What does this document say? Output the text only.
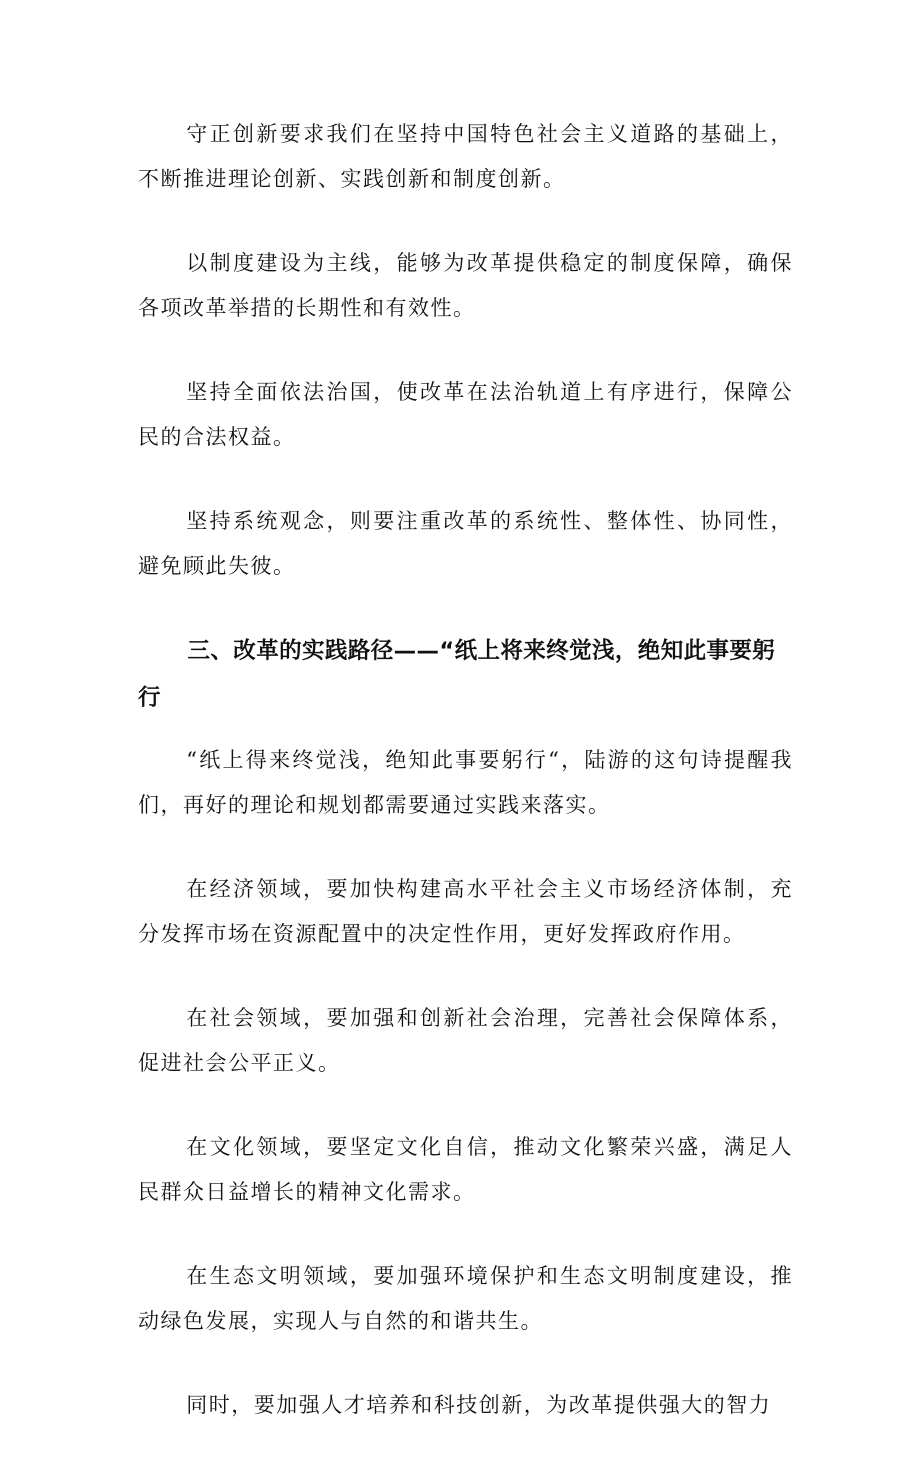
守正创新要求我们在坚持中国特色社会主义道路的基础上，不断推进理论创新、实践创新和制度创新。

以制度建设为主线，能够为改革提供稳定的制度保障，确保各项改革举措的长期性和有效性。

坚持全面依法治国，使改革在法治轨道上有序进行，保障公民的合法权益。

坚持系统观念，则要注重改革的系统性、整体性、协同性，避免顾此失彼。

三、改革的实践路径——“纸上将来终觉浅，绝知此事要躬行

“纸上得来终觉浅，绝知此事要躬行“，陆游的这句诗提醒我们，再好的理论和规划都需要通过实践来落实。

在经济领域，要加快构建高水平社会主义市场经济体制，充分发挥市场在资源配置中的决定性作用，更好发挥政府作用。

在社会领域，要加强和创新社会治理，完善社会保障体系，促进社会公平正义。

在文化领域，要坚定文化自信，推动文化繁荣兴盛，满足人民群众日益增长的精神文化需求。

在生态文明领域，要加强环境保护和生态文明制度建设，推动绿色发展，实现人与自然的和谐共生。

同时，要加强人才培养和科技创新，为改革提供强大的智力
